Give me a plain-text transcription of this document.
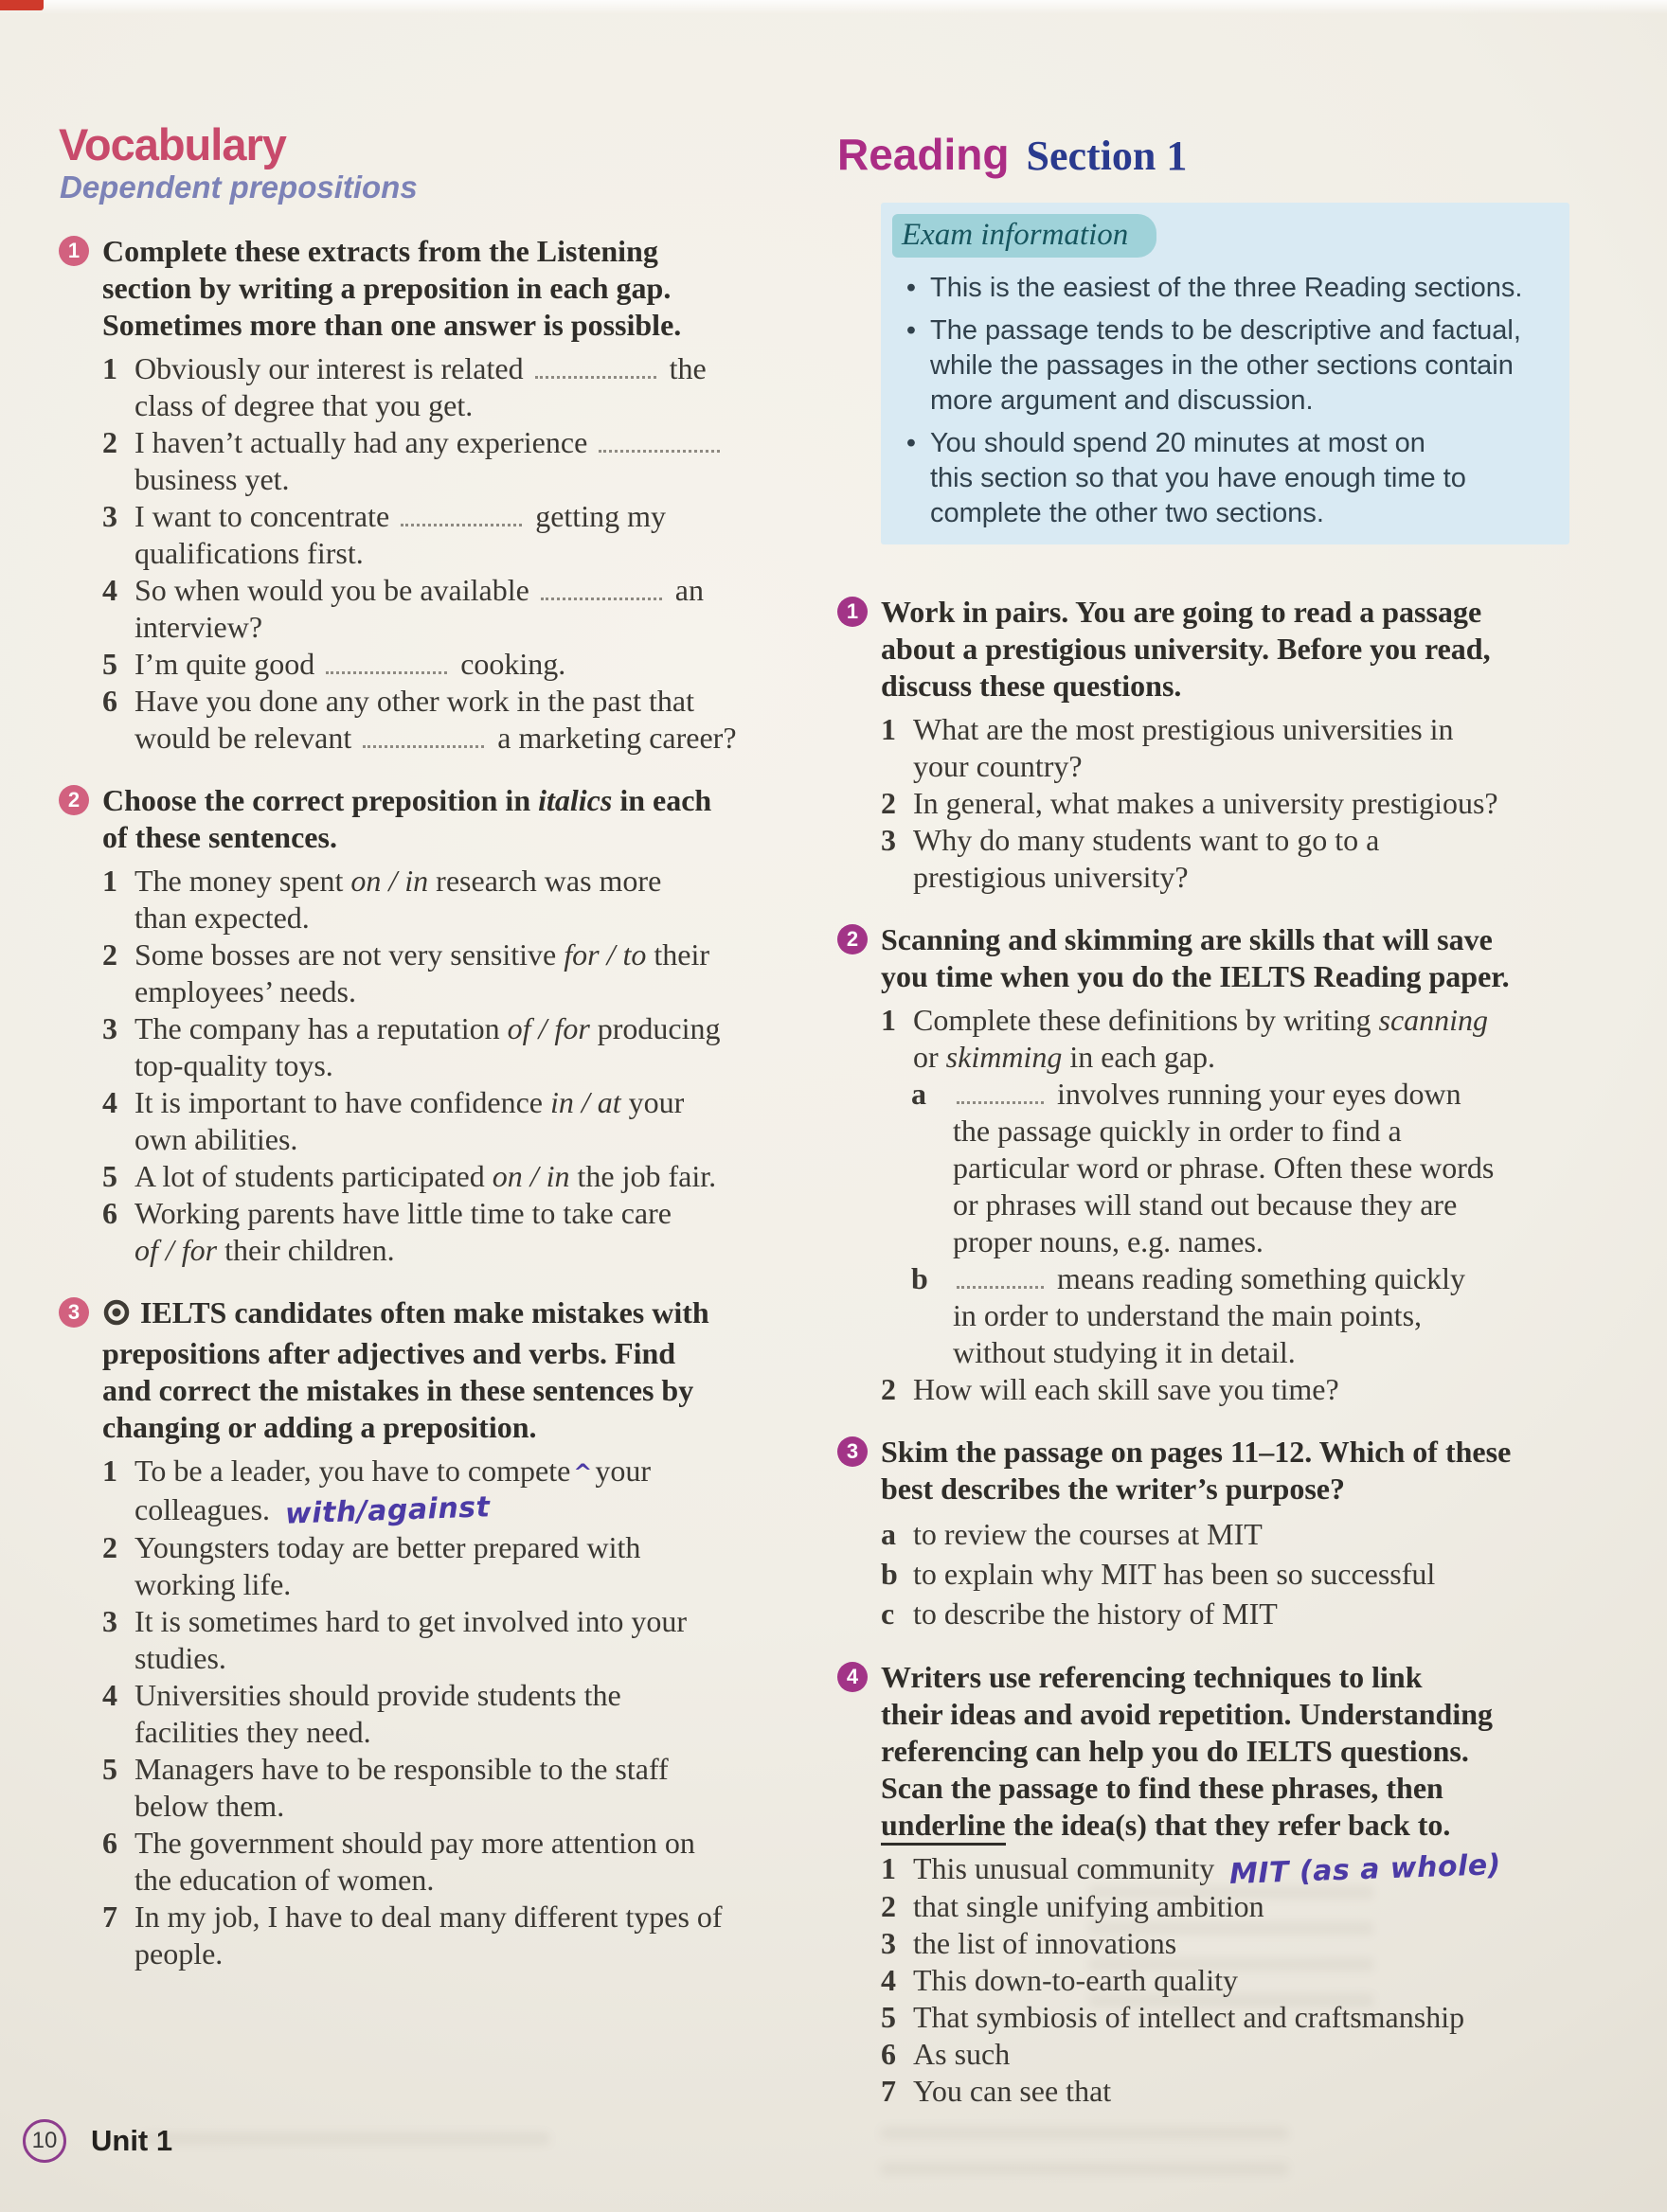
Vocabulary
Dependent prepositions
1 Complete these extracts from the Listening
section by writing a preposition in each gap.
Sometimes more than one answer is possible.

1 Obviously our interest is related	the
class of degree that you get.
2 I haven’t actually had any experience
business yet.
3 I want to concentrate	getting my
qualifications first.
4 So when would you be available	an
interview?
5 I’m quite good	cooking.
6 Have you done any other work in the past that
would be relevant	a marketing career?
2 Choose the correct preposition in italics in each
of these sentences.

1 The money spent on / in research was more
than expected.
2 Some bosses are not very sensitive for / to their
employees’ needs.
3 The company has a reputation of / for producing
top-quality toys.
4 It is important to have confidence in / at your
own abilities.
5 A lot of students participated on / in the job fair.
6 Working parents have little time to take care
of / for their children.
3	IELTS candidates often make mistakes with
prepositions after adjectives and verbs. Find
and correct the mistakes in these sentences by
changing or adding a preposition.

1 To be a leader, you have to compete ^your
colleagues. with/against
2 Youngsters today are better prepared with
working life.
3 It is sometimes hard to get involved into your
studies.
4 Universities should provide students the
facilities they need.
5 Managers have to be responsible to the staff
below them.
6 The government should pay more attention on
the education of women.
7 In my job, I have to deal many different types of
people.
Reading Section 1
Exam information
• This is the easiest of the three Reading sections.
• The passage tends to be descriptive and factual,
while the passages in the other sections contain
more argument and discussion.
• You should spend 20 minutes at most on
this section so that you have enough time to
complete the other two sections.
1 Work in pairs. You are going to read a passage
about a prestigious university. Before you read,
discuss these questions.

1 What are the most prestigious universities in
your country?
2 In general, what makes a university prestigious?
3 Why do many students want to go to a
prestigious university?
2 Scanning and skimming are skills that will save
you time when you do the IELTS Reading paper.

1 Complete these definitions by writing scanning
or skimming in each gap.
a	involves running your eyes down
the passage quickly in order to find a
particular word or phrase. Often these words
or phrases will stand out because they are
proper nouns, e.g. names.
b	means reading something quickly
in order to understand the main points,
without studying it in detail.
2 How will each skill save you time?
3 Skim the passage on pages 11–12. Which of these
best describes the writer’s purpose?

a to review the courses at MIT
b to explain why MIT has been so successful
c to describe the history of MIT
4 Writers use referencing techniques to link
their ideas and avoid repetition. Understanding
referencing can help you do IELTS questions.
Scan the passage to find these phrases, then
underline the idea(s) that they refer back to.

1 This unusual community MIT (as a whole)
2 that single unifying ambition
3 the list of innovations
4 This down-to-earth quality
5 That symbiosis of intellect and craftsmanship
6 As such
7 You can see that
10 Unit 1
